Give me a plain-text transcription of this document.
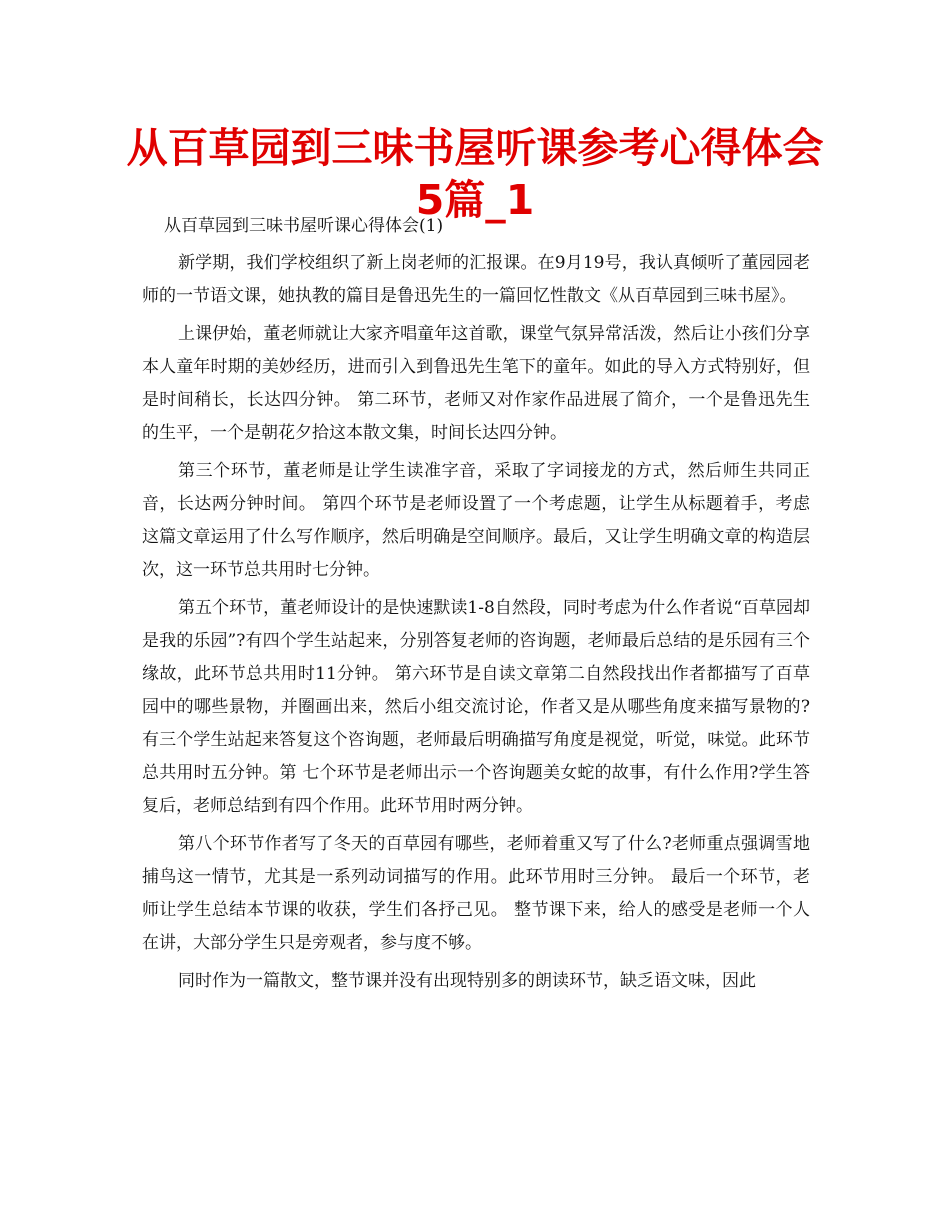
从百草园到三味书屋听课参考心得体会5篇_1

从百草园到三味书屋听课心得体会(1)

新学期，我们学校组织了新上岗老师的汇报课。在9月19号，我认真倾听了董园园老师的一节语文课，她执教的篇目是鲁迅先生的一篇回忆性散文《从百草园到三味书屋》。

上课伊始，董老师就让大家齐唱童年这首歌，课堂气氛异常活泼，然后让小孩们分享本人童年时期的美妙经历，进而引入到鲁迅先生笔下的童年。如此的导入方式特别好，但是时间稍长，长达四分钟。 第二环节，老师又对作家作品进展了简介，一个是鲁迅先生的生平，一个是朝花夕拾这本散文集，时间长达四分钟。

第三个环节，董老师是让学生读准字音，采取了字词接龙的方式，然后师生共同正音，长达两分钟时间。 第四个环节是老师设置了一个考虑题，让学生从标题着手，考虑这篇文章运用了什么写作顺序，然后明确是空间顺序。最后，又让学生明确文章的构造层次，这一环节总共用时七分钟。

第五个环节，董老师设计的是快速默读1-8自然段，同时考虑为什么作者说“百草园却是我的乐园”?有四个学生站起来，分别答复老师的咨询题，老师最后总结的是乐园有三个缘故，此环节总共用时11分钟。 第六环节是自读文章第二自然段找出作者都描写了百草园中的哪些景物，并圈画出来，然后小组交流讨论，作者又是从哪些角度来描写景物的?有三个学生站起来答复这个咨询题，老师最后明确描写角度是视觉，听觉，味觉。此环节总共用时五分钟。第 七个环节是老师出示一个咨询题美女蛇的故事，有什么作用?学生答复后，老师总结到有四个作用。此环节用时两分钟。

第八个环节作者写了冬天的百草园有哪些，老师着重又写了什么?老师重点强调雪地捕鸟这一情节，尤其是一系列动词描写的作用。此环节用时三分钟。 最后一个环节，老师让学生总结本节课的收获，学生们各抒己见。 整节课下来，给人的感受是老师一个人在讲，大部分学生只是旁观者，参与度不够。

同时作为一篇散文，整节课并没有出现特别多的朗读环节，缺乏语文味，因此
